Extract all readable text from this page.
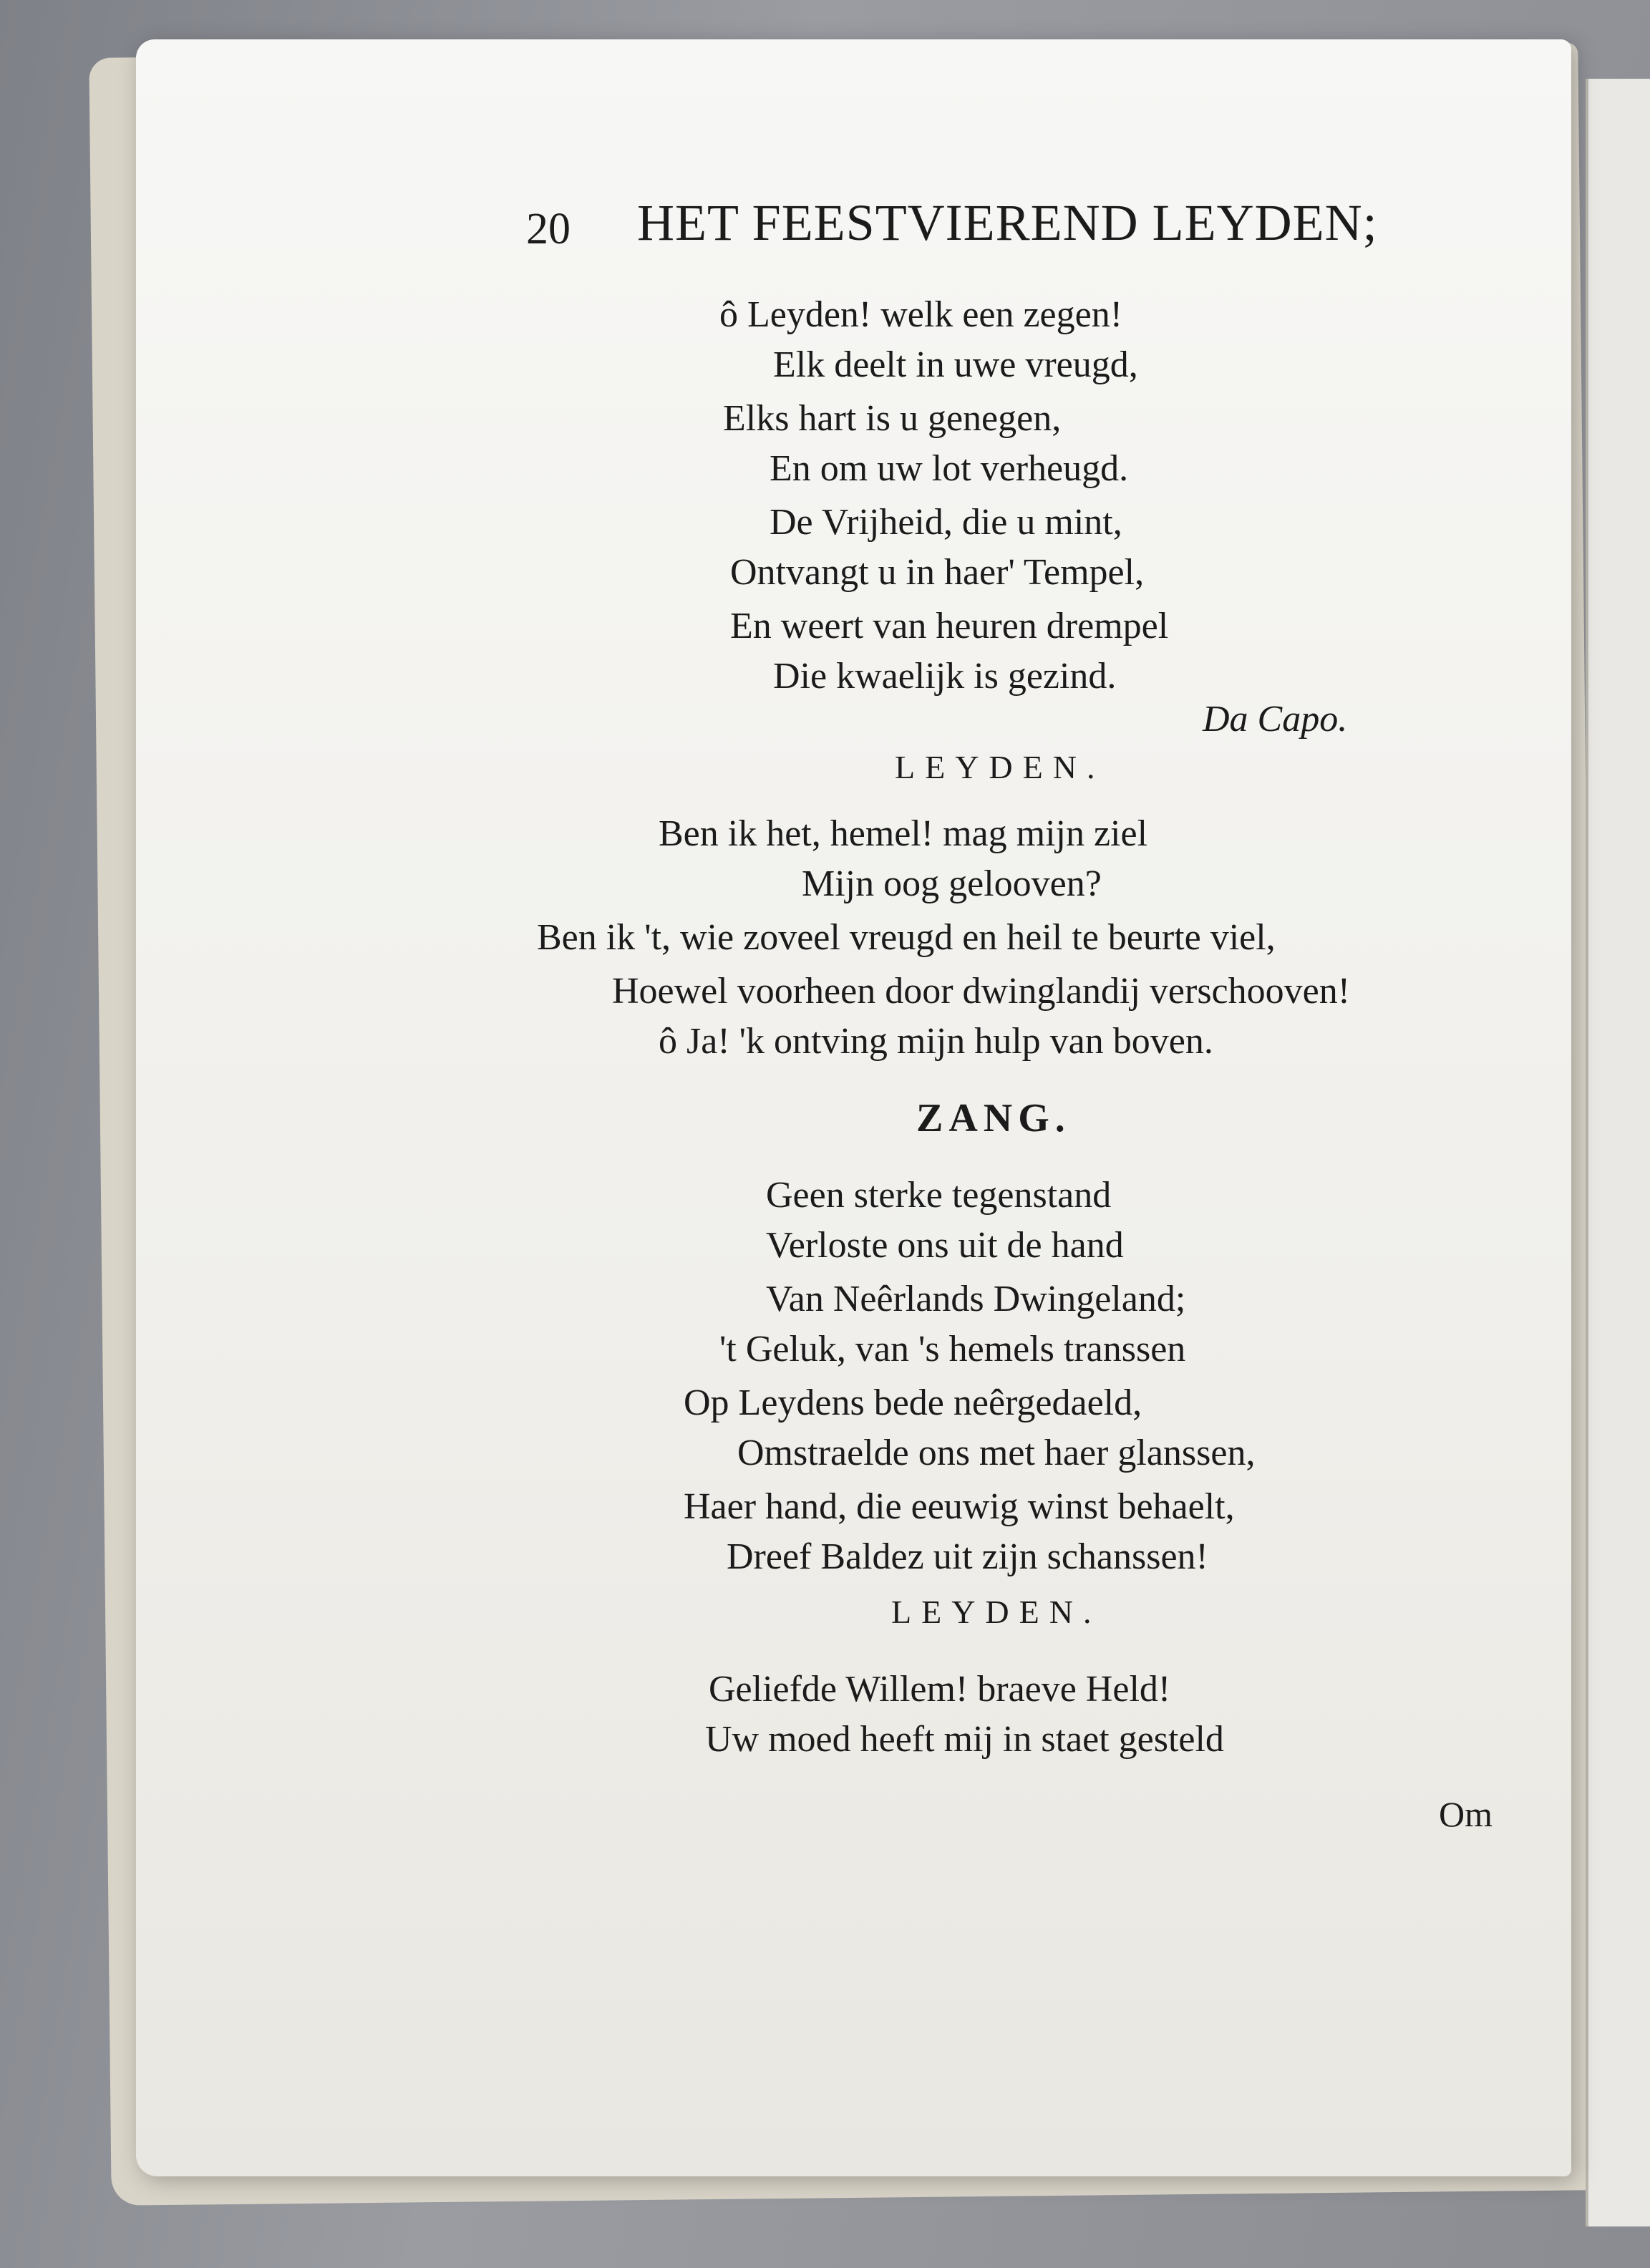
20 HET FEESTVIEREND LEYDEN;
ô Leyden! welk een zegen!
Elk deelt in uwe vreugd,
Elks hart is u genegen,
En om uw lot verheugd.
De Vrijheid, die u mint,
Ontvangt u in haer' Tempel,
En weert van heuren drempel
Die kwaelijk is gezind.
Da Capo.
LEYDEN.
Ben ik het, hemel! mag mijn ziel
Mijn oog gelooven?
Ben ik 't, wie zoveel vreugd en heil te beurte viel,
Hoewel voorheen door dwinglandij verschooven!
ô Ja! 'k ontving mijn hulp van boven.
ZANG.
Geen sterke tegenstand
Verloste ons uit de hand
Van Neêrlands Dwingeland;
't Geluk, van 's hemels transsen
Op Leydens bede neêrgedaeld,
Omstraelde ons met haer glanssen,
Haer hand, die eeuwig winst behaelt,
Dreef Baldez uit zijn schanssen!
LEYDEN.
Geliefde Willem! braeve Held!
Uw moed heeft mij in staet gesteld
Om
